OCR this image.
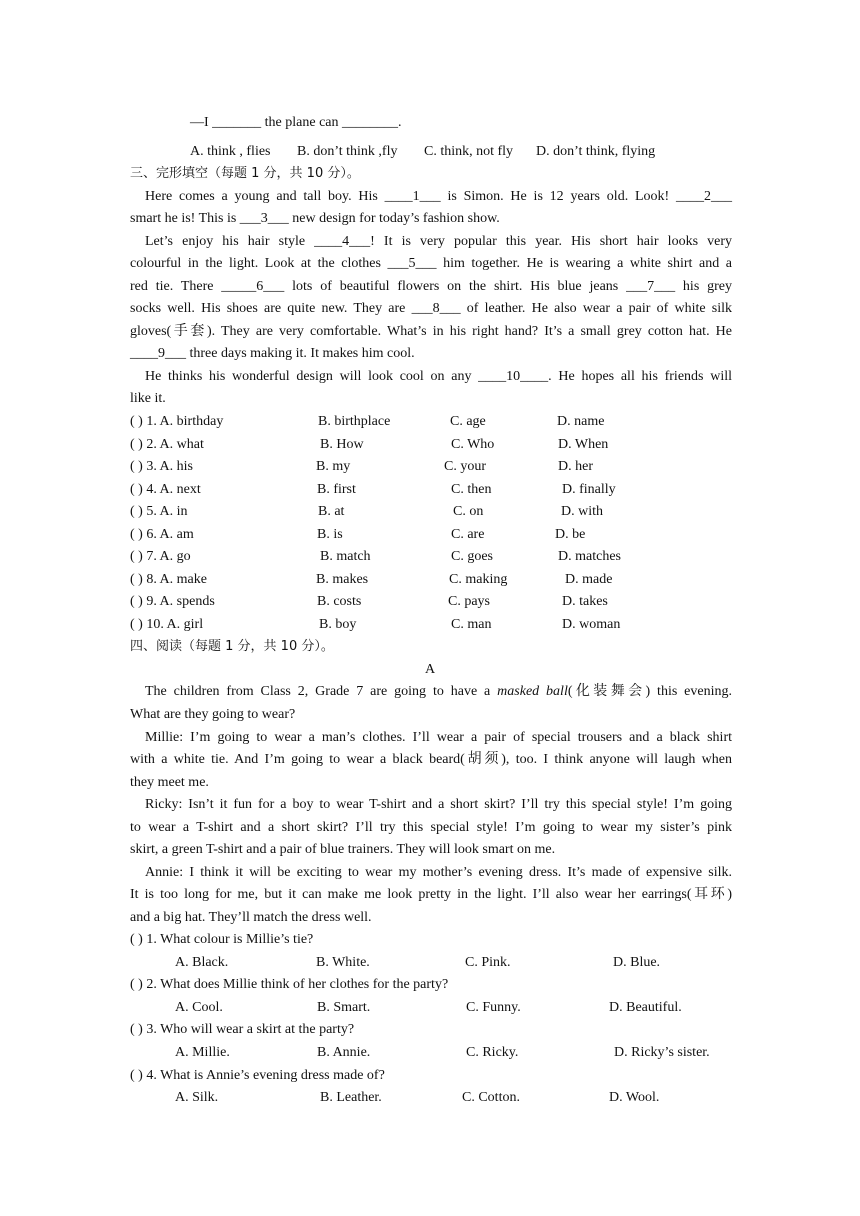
—I _______ the plane can ________.
A. think , flies B. don’t think ,fly C. think, not fly D. don’t think, flying
三、完形填空（每题 1 分，共 10 分）。
Here comes a young and tall boy. His ____1___ is Simon. He is 12 years old. Look! ____2___
smart he is! This is ___3___ new design for today’s fashion show.
Let’s enjoy his hair style ____4___! It is very popular this year. His short hair looks very
colourful in the light. Look at the clothes ___5___ him together. He is wearing a white shirt and a
red tie. There _____6___ lots of beautiful flowers on the shirt. His blue jeans ___7___ his grey
socks well. His shoes are quite new. They are ___8___ of leather. He also wear a pair of white silk
gloves(手套). They are very comfortable. What’s in his right hand? It’s a small grey cotton hat. He
____9___ three days making it. It makes him cool.
He thinks his wonderful design will look cool on any ____10____. He hopes all his friends will
like it.
( ) 1. A. birthday	B. birthplace	C. age	D. name
( ) 2. A. what	B. How	C. Who	D. When
( ) 3. A. his	B. my	C. your	D. her
( ) 4. A. next	B. first	C. then	D. finally
( ) 5. A. in	B. at	C. on	D. with
( ) 6. A. am	B. is	C. are	D. be
( ) 7. A. go	B. match	C. goes	D. matches
( ) 8. A. make	B. makes	C. making	D. made
( ) 9. A. spends	B. costs	C. pays	D. takes
( ) 10. A. girl	B. boy	C. man	D. woman
四、阅读（每题 1 分，共 10 分）。
A
The children from Class 2, Grade 7 are going to have a masked ball(化装舞会) this evening.
What are they going to wear?
Millie: I’m going to wear a man’s clothes. I’ll wear a pair of special trousers and a black shirt
with a white tie. And I’m going to wear a black beard(胡须), too. I think anyone will laugh when
they meet me.
Ricky: Isn’t it fun for a boy to wear T-shirt and a short skirt? I’ll try this special style! I’m going
to wear a T-shirt and a short skirt? I’ll try this special style! I’m going to wear my sister’s pink
skirt, a green T-shirt and a pair of blue trainers. They will look smart on me.
Annie: I think it will be exciting to wear my mother’s evening dress. It’s made of expensive silk.
It is too long for me, but it can make me look pretty in the light. I’ll also wear her earrings(耳环)
and a big hat. They’ll match the dress well.
( ) 1. What colour is Millie’s tie?
A. Black.	B. White.	C. Pink.	D. Blue.
( ) 2. What does Millie think of her clothes for the party?
A. Cool.	B. Smart.	C. Funny.	D. Beautiful.
( ) 3. Who will wear a skirt at the party?
A. Millie.	B. Annie.	C. Ricky.	D. Ricky’s sister.
( ) 4. What is Annie’s evening dress made of?
A. Silk.	B. Leather.	C. Cotton.	D. Wool.
